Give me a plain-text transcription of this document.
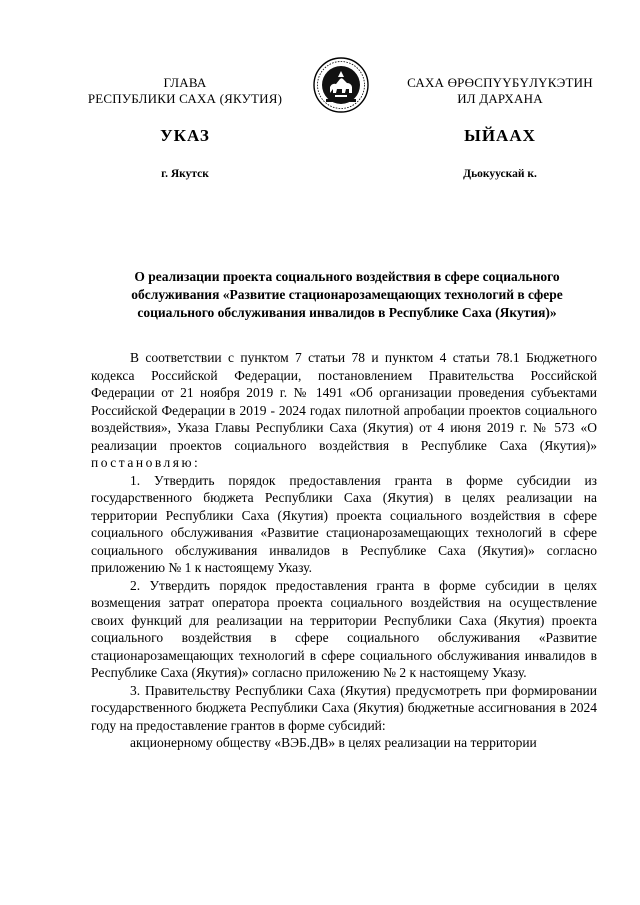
ГЛАВА
РЕСПУБЛИКИ САХА (ЯКУТИЯ)
САХА ӨРӨСПҮҮБҮЛҮКЭТИН
ИЛ ДАРХАНА
УКАЗ	ЫЙААХ
г. Якутск	Дьокуускай к.
О реализации проекта социального воздействия в сфере социального обслуживания «Развитие стационарозамещающих технологий в сфере социального обслуживания инвалидов в Республике Саха (Якутия)»

В соответствии с пунктом 7 статьи 78 и пунктом 4 статьи 78.1 Бюджетного кодекса Российской Федерации, постановлением Правительства Российской Федерации от 21 ноября 2019 г. № 1491 «Об организации проведения субъектами Российской Федерации в 2019 - 2024 годах пилотной апробации проектов социального воздействия», Указа Главы Республики Саха (Якутия) от 4 июня 2019 г. № 573 «О реализации проектов социального воздействия в Республике Саха (Якутия)» постановляю:

1. Утвердить порядок предоставления гранта в форме субсидии из государственного бюджета Республики Саха (Якутия) в целях реализации на территории Республики Саха (Якутия) проекта социального воздействия в сфере социального обслуживания «Развитие стационарозамещающих технологий в сфере социального обслуживания инвалидов в Республике Саха (Якутия)» согласно приложению № 1 к настоящему Указу.

2. Утвердить порядок предоставления гранта в форме субсидии в целях возмещения затрат оператора проекта социального воздействия на осуществление своих функций для реализации на территории Республики Саха (Якутия) проекта социального воздействия в сфере социального обслуживания «Развитие стационарозамещающих технологий в сфере социального обслуживания инвалидов в Республике Саха (Якутия)» согласно приложению № 2 к настоящему Указу.

3. Правительству Республики Саха (Якутия) предусмотреть при формировании государственного бюджета Республики Саха (Якутия) бюджетные ассигнования в 2024 году на предоставление грантов в форме субсидий:

акционерному обществу «ВЭБ.ДВ» в целях реализации на территории
